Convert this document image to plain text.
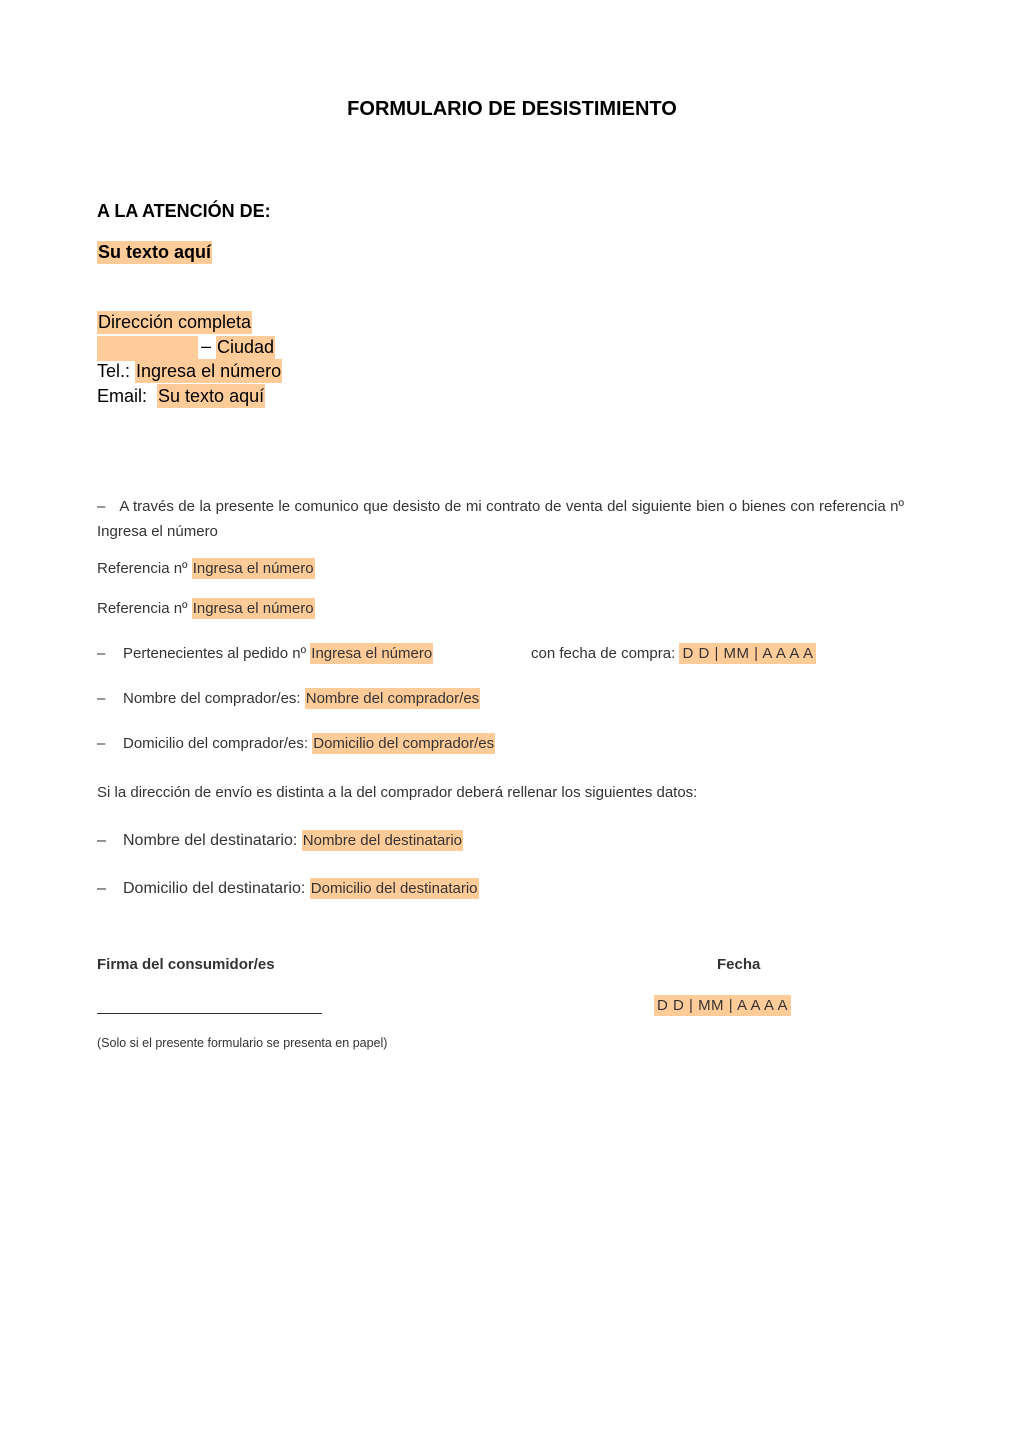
FORMULARIO DE DESISTIMIENTO
A LA ATENCIÓN DE:
Su texto aquí
Dirección completa
– Ciudad
Tel.: Ingresa el número
Email: Su texto aquí
– A través de la presente le comunico que desisto de mi contrato de venta del siguiente bien o bienes con referencia nº Ingresa el número
Referencia nº Ingresa el número
Referencia nº Ingresa el número
– Pertenecientes al pedido nº Ingresa el número	con fecha de compra: D D | MM | A A A A
– Nombre del comprador/es: Nombre del comprador/es
– Domicilio del comprador/es: Domicilio del comprador/es
Si la dirección de envío es distinta a la del comprador deberá rellenar los siguientes datos:
– Nombre del destinatario: Nombre del destinatario
– Domicilio del destinatario: Domicilio del destinatario
Firma del consumidor/es	Fecha
D D | MM | A A A A
(Solo si el presente formulario se presenta en papel)
